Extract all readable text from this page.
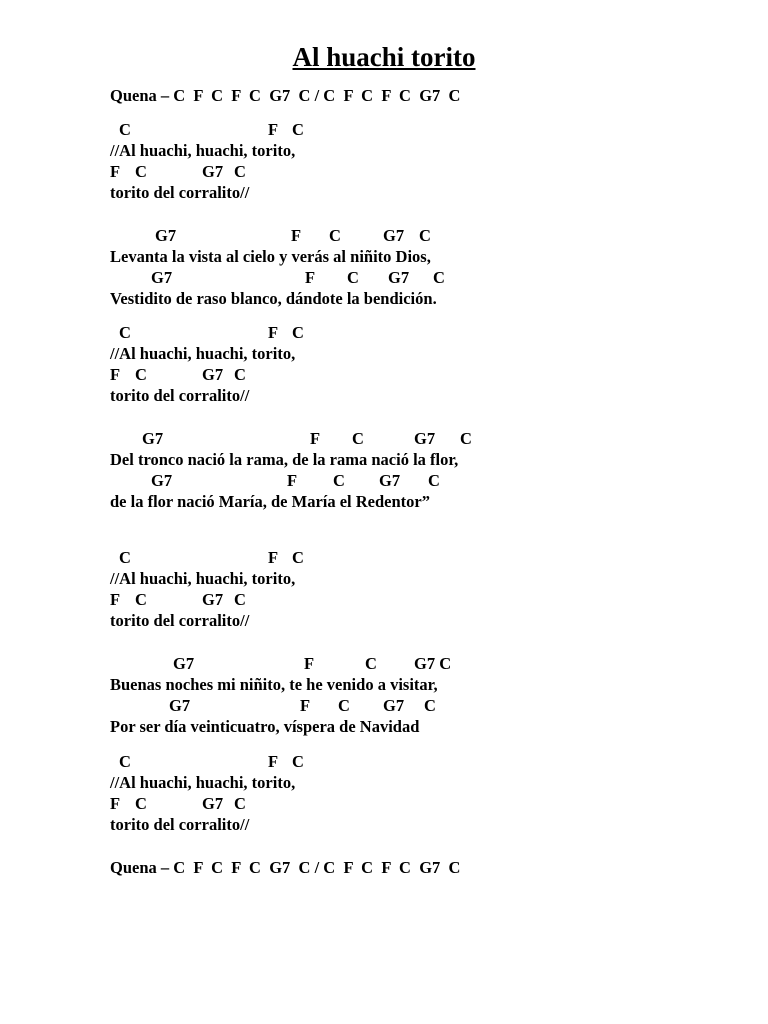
Al huachi torito
Quena – C  F  C  F  C  G7  C / C  F  C  F  C  G7  C
C	F C
//Al huachi, huachi, torito,
F C	G7 C
torito del corralito//
G7	F C	G7 C
Levanta la vista al cielo y verás al niñito Dios,
G7	F C G7 C
Vestidito de raso blanco, dándote la bendición.
C	F C
//Al huachi, huachi, torito,
F C	G7 C
torito del corralito//
G7	F C	G7 C
Del tronco nació la rama, de la rama nació la flor,
G7	F C G7 C
de la flor nació María, de María el Redentor”
C	F C
//Al huachi, huachi, torito,
F C	G7 C
torito del corralito//
G7	F	C G7 C
Buenas noches mi niñito, te he venido a visitar,
G7	F C G7 C
Por ser día veinticuatro, víspera de Navidad
C	F C
//Al huachi, huachi, torito,
F C	G7 C
torito del corralito//
Quena – C  F  C  F  C  G7  C / C  F  C  F  C  G7  C
